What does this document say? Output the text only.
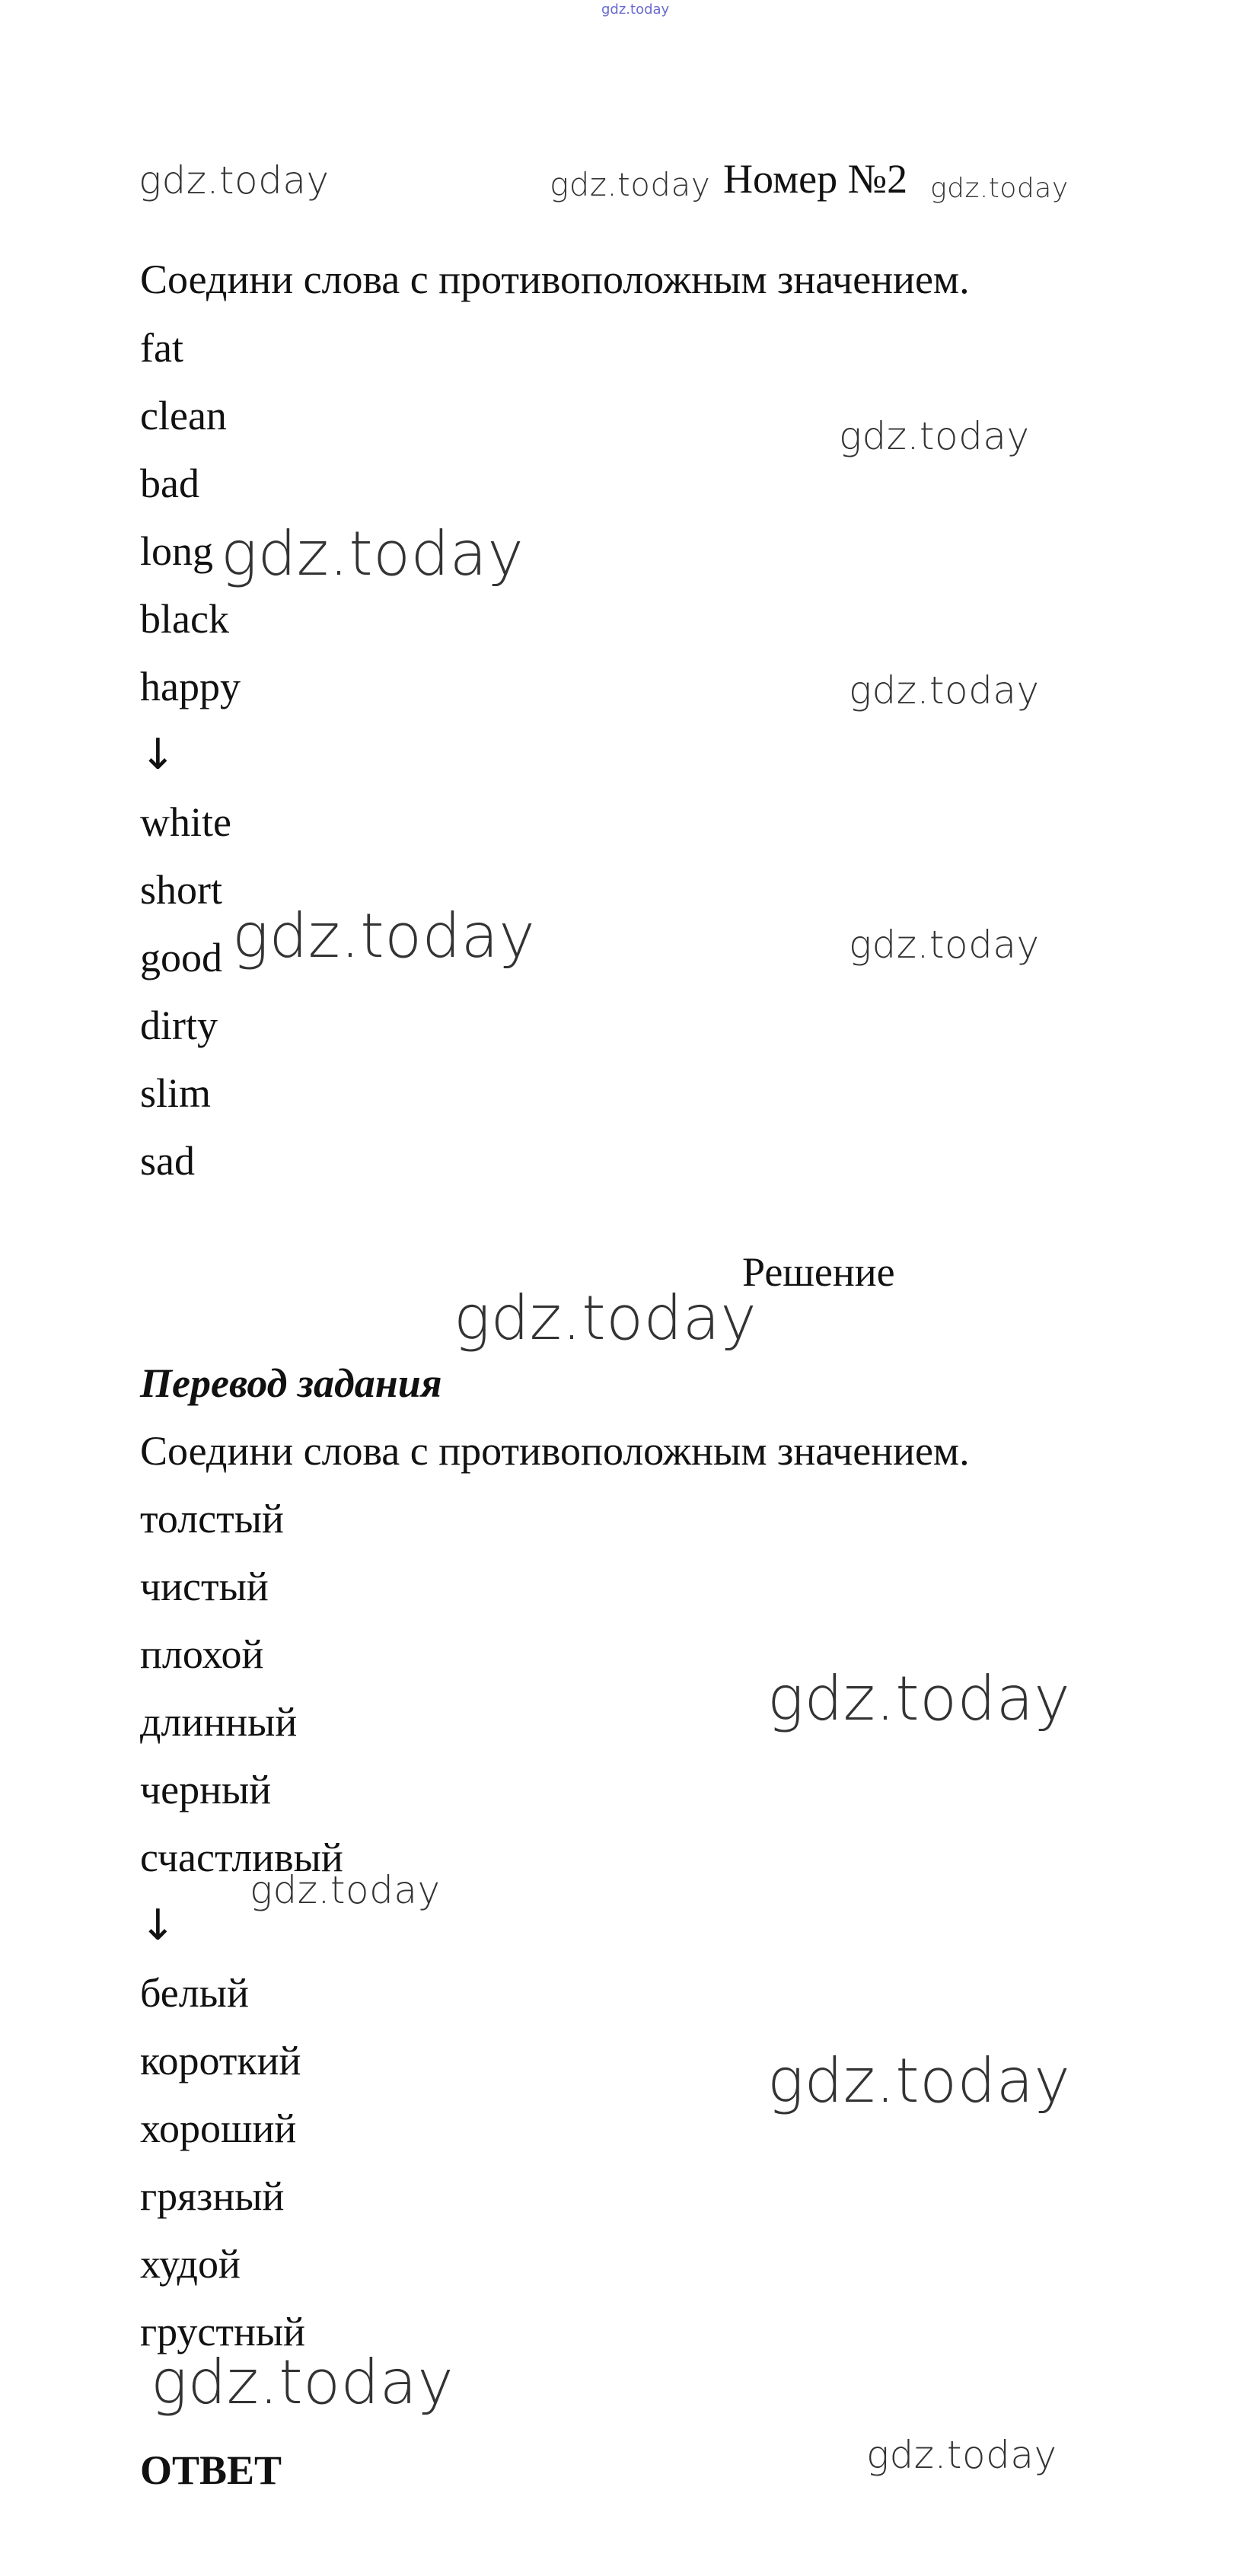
gdz.today
Номер №2
Соедини слова с противоположным значением.
fat
clean
bad
long
black
happy
↓
white
short
good
dirty
slim
sad
Решение
Перевод задания
Соедини слова с противоположным значением.
толстый
чистый
плохой
длинный
черный
счастливый
↓
белый
короткий
хороший
грязный
худой
грустный
ОТВЕТ
gdz.today	gdz.today	gdz.today
gdz.today
gdz.today
gdz.today
gdz.today	gdz.today
gdz.today
gdz.today
gdz.today
gdz.today
gdz.today
gdz.today
